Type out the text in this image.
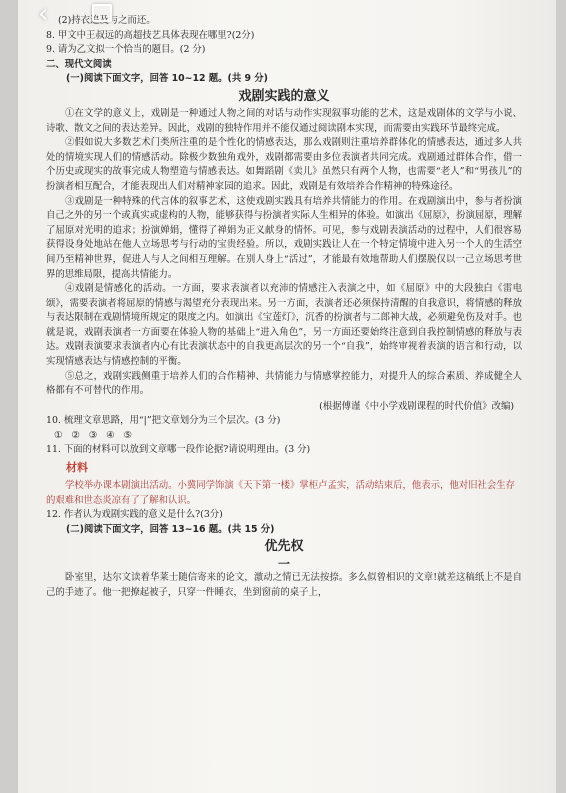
‹	(2)持衣追及与之而还。
8. 甲文中王叔远的高超技艺具体表现在哪里?(2分)
9. 请为乙文拟一个恰当的题目。(2 分)
二、现代文阅读
(一)阅读下面文字，回答 10~12 题。(共 9 分)
戏剧实践的意义
①在文学的意义上，戏剧是一种通过人物之间的对话与动作实现叙事功能的艺术，这是戏剧体的文学与小说、诗歌、散文之间的表达差异。因此，戏剧的独特作用并不能仅通过阅读剧本实现，而需要由实践环节最终完成。
②假如说大多数艺术门类所注重的是个性化的情感表达，那么戏剧则注重培养群体化的情感表达，通过多人共处的情境实现人们的情感活动。除极少数独角戏外，戏剧都需要由多位表演者共同完成。戏剧通过群体合作，借一个历史或现实的故事完成人物塑造与情感表达。如舞蹈剧《卖儿》虽然只有两个人物，也需要“老人”和“男孩儿”的扮演者相互配合，才能表现出人们对精神家园的追求。因此，戏剧是有效培养合作精神的特殊途径。
③戏剧是一种特殊的代言体的叙事艺术，这使戏剧实践具有培养共情能力的作用。在戏剧演出中，参与者扮演自己之外的另一个或真实或虚构的人物，能够获得与扮演者实际人生相异的体验。如演出《屈原》，扮演屈原，理解了屈原对光明的追求；扮演婵娟，懂得了禅娟为正义献身的情怀。可见，参与戏剧表演活动的过程中，人们很容易获得设身处地站在他人立场思考与行动的宝贵经验。所以，戏剧实践让人在一个特定情境中进入另一个人的生活空间乃至精神世界，促进人与人之间相互理解。在别人身上“活过”，才能最有效地帮助人们摆脱仅以一己立场思考世界的思维局限，提高共情能力。
④戏剧是情感化的活动。一方面，要求表演者以充沛的情感注入表演之中，如《屈原》中的大段独白《雷电颂》，需要表演者将屈原的情感与渴望充分表现出来。另一方面，表演者还必须保持清醒的自我意识，将情感的释放与表达限制在戏剧情境所规定的限度之内。如演出《宝莲灯》，沉香的扮演者与二郎神大战，必须避免伤及对手。也就是说，戏剧表演者一方面要在体验人物的基础上“进入角色”，另一方面还要始终注意到自我控制情感的释放与表达。戏剧表演要求表演者内心有比表演状态中的自我更高层次的另一个“自我”，始终审视着表演的语言和行动，以实现情感表达与情感控制的平衡。
⑤总之，戏剧实践侧重于培养人们的合作精神、共情能力与情感掌控能力，对提升人的综合素质、养成健全人格都有不可替代的作用。
(根据傅谨《中小学戏剧课程的时代价值》改编)
10. 梳理文章思路，用“|”把文章划分为三个层次。(3 分)
① ② ③ ④ ⑤
11. 下面的材料可以放到文章哪一段作论据?请说明理由。(3 分)
材料
学校举办课本剧演出活动。小冀同学饰演《天下第一楼》掌柜卢孟实，活动结束后，他表示，他对旧社会生存的艰难和世态炎凉有了了解和认识。
12. 作者认为戏剧实践的意义是什么?(3分)
(二)阅读下面文字，回答 13~16 题。(共 15 分)
优先权
一
卧室里，达尔文读着华莱士随信寄来的论文，激动之情已无法按捺。多么似曾相识的文章!就差这稿纸上不是自己的手迹了。他一把撩起被子，只穿一件睡衣，坐到窗前的桌子上，
